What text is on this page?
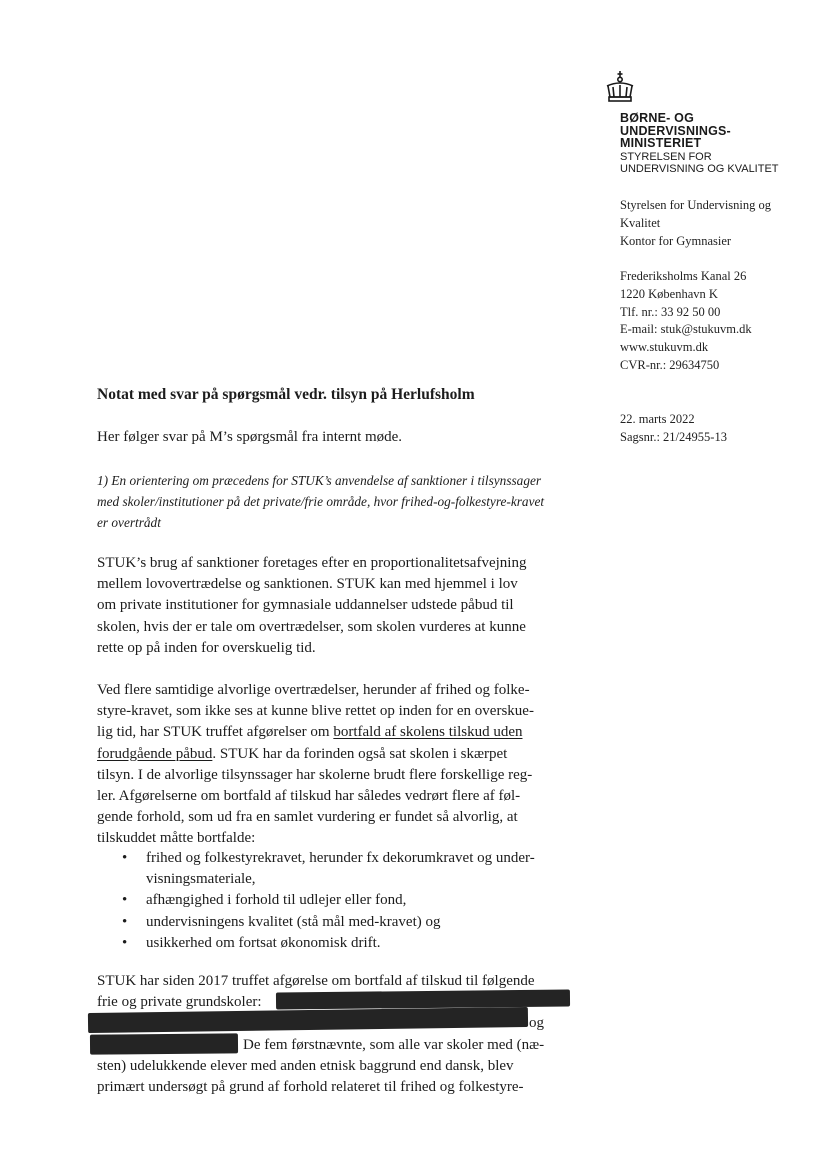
BØRNE- OG
UNDERVISNINGS-
MINISTERIET
STYRELSEN FOR
UNDERVISNING OG KVALITET
Styrelsen for Undervisning og
Kvalitet
Kontor for Gymnasier
Frederiksholms Kanal 26
1220 København K
Tlf. nr.: 33 92 50 00
E-mail: stuk@stukuvm.dk
www.stukuvm.dk
CVR-nr.: 29634750
22. marts 2022
Sagsnr.: 21/24955-13
Notat med svar på spørgsmål vedr. tilsyn på Herlufsholm
Her følger svar på M’s spørgsmål fra internt møde.
1) En orientering om præcedens for STUK’s anvendelse af sanktioner i tilsynssager
med skoler/institutioner på det private/frie område, hvor frihed-og-folkestyre-kravet
er overtrådt
STUK’s brug af sanktioner foretages efter en proportionalitetsafvejning
mellem lovovertrædelse og sanktionen. STUK kan med hjemmel i lov
om private institutioner for gymnasiale uddannelser udstede påbud til
skolen, hvis der er tale om overtrædelser, som skolen vurderes at kunne
rette op på inden for overskuelig tid.
Ved flere samtidige alvorlige overtrædelser, herunder af frihed og folke-
styre-kravet, som ikke ses at kunne blive rettet op inden for en overskue-
lig tid, har STUK truffet afgørelser om bortfald af skolens tilskud uden
forudgående påbud. STUK har da forinden også sat skolen i skærpet
tilsyn. I de alvorlige tilsynssager har skolerne brudt flere forskellige reg-
ler. Afgørelserne om bortfald af tilskud har således vedrørt flere af føl-
gende forhold, som ud fra en samlet vurdering er fundet så alvorlig, at
tilskuddet måtte bortfalde:
• frihed og folkestyrekravet, herunder fx dekorumkravet og under-
visningsmateriale,
• afhængighed i forhold til udlejer eller fond,
• undervisningens kvalitet (stå mål med-kravet) og
• usikkerhed om fortsat økonomisk drift.
STUK har siden 2017 truffet afgørelse om bortfald af tilskud til følgende
frie og private grundskoler:
og
De fem førstnævnte, som alle var skoler med (næ-
sten) udelukkende elever med anden etnisk baggrund end dansk, blev
primært undersøgt på grund af forhold relateret til frihed og folkestyre-
